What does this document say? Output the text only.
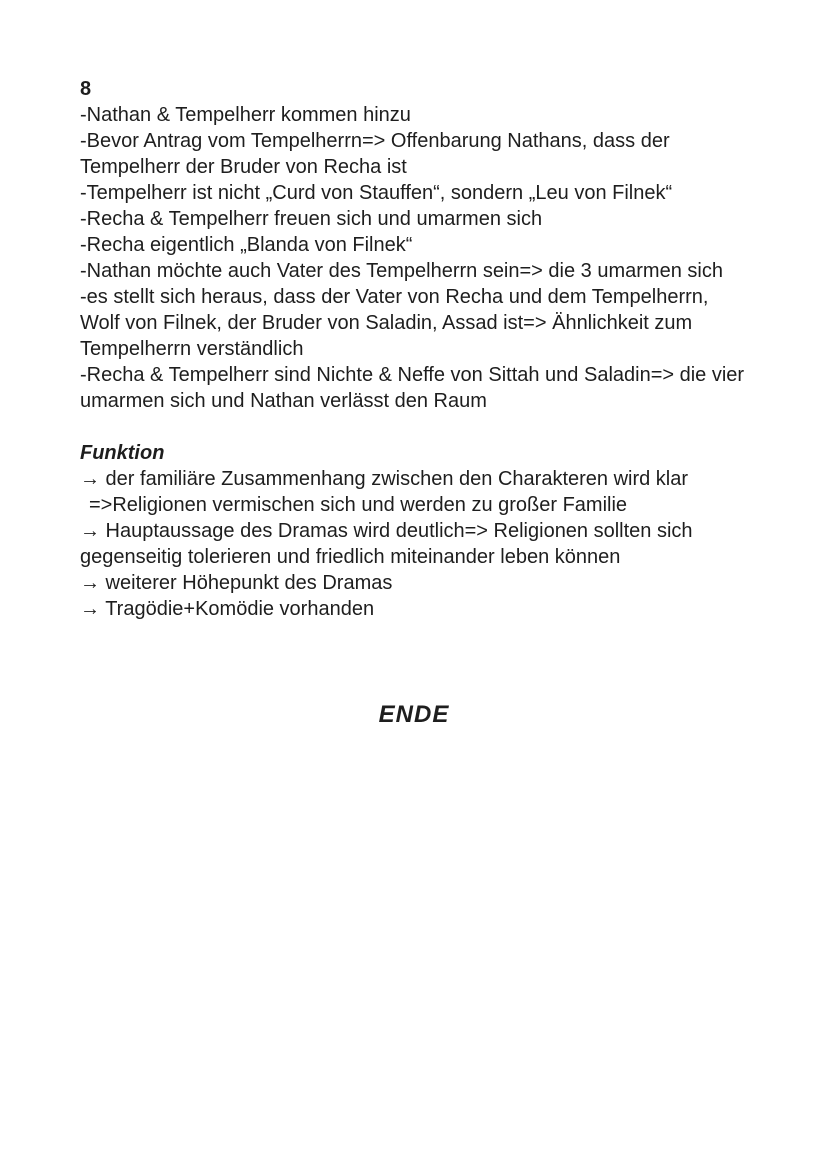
8

-Nathan & Tempelherr kommen hinzu

-Bevor Antrag vom Tempelherrn=> Offenbarung Nathans, dass der Tempelherr der Bruder von Recha ist

-Tempelherr ist nicht „Curd von Stauffen“, sondern „Leu von Filnek“

-Recha & Tempelherr freuen sich und umarmen sich

-Recha eigentlich „Blanda von Filnek“

-Nathan möchte auch Vater des Tempelherrn sein=> die 3 umarmen sich

-es stellt sich heraus, dass der Vater von Recha und dem Tempelherrn, Wolf von Filnek, der Bruder von Saladin, Assad ist=> Ähnlichkeit zum Tempelherrn verständlich

-Recha & Tempelherr sind Nichte & Neffe von Sittah und Saladin=> die vier umarmen sich und Nathan verlässt den Raum

Funktion

→ der familiäre Zusammenhang zwischen den Charakteren wird klar

=>Religionen vermischen sich und werden zu großer Familie

→ Hauptaussage des Dramas wird deutlich=> Religionen sollten sich gegenseitig tolerieren und friedlich miteinander leben können

→ weiterer Höhepunkt des Dramas

→ Tragödie+Komödie vorhanden

ENDE
